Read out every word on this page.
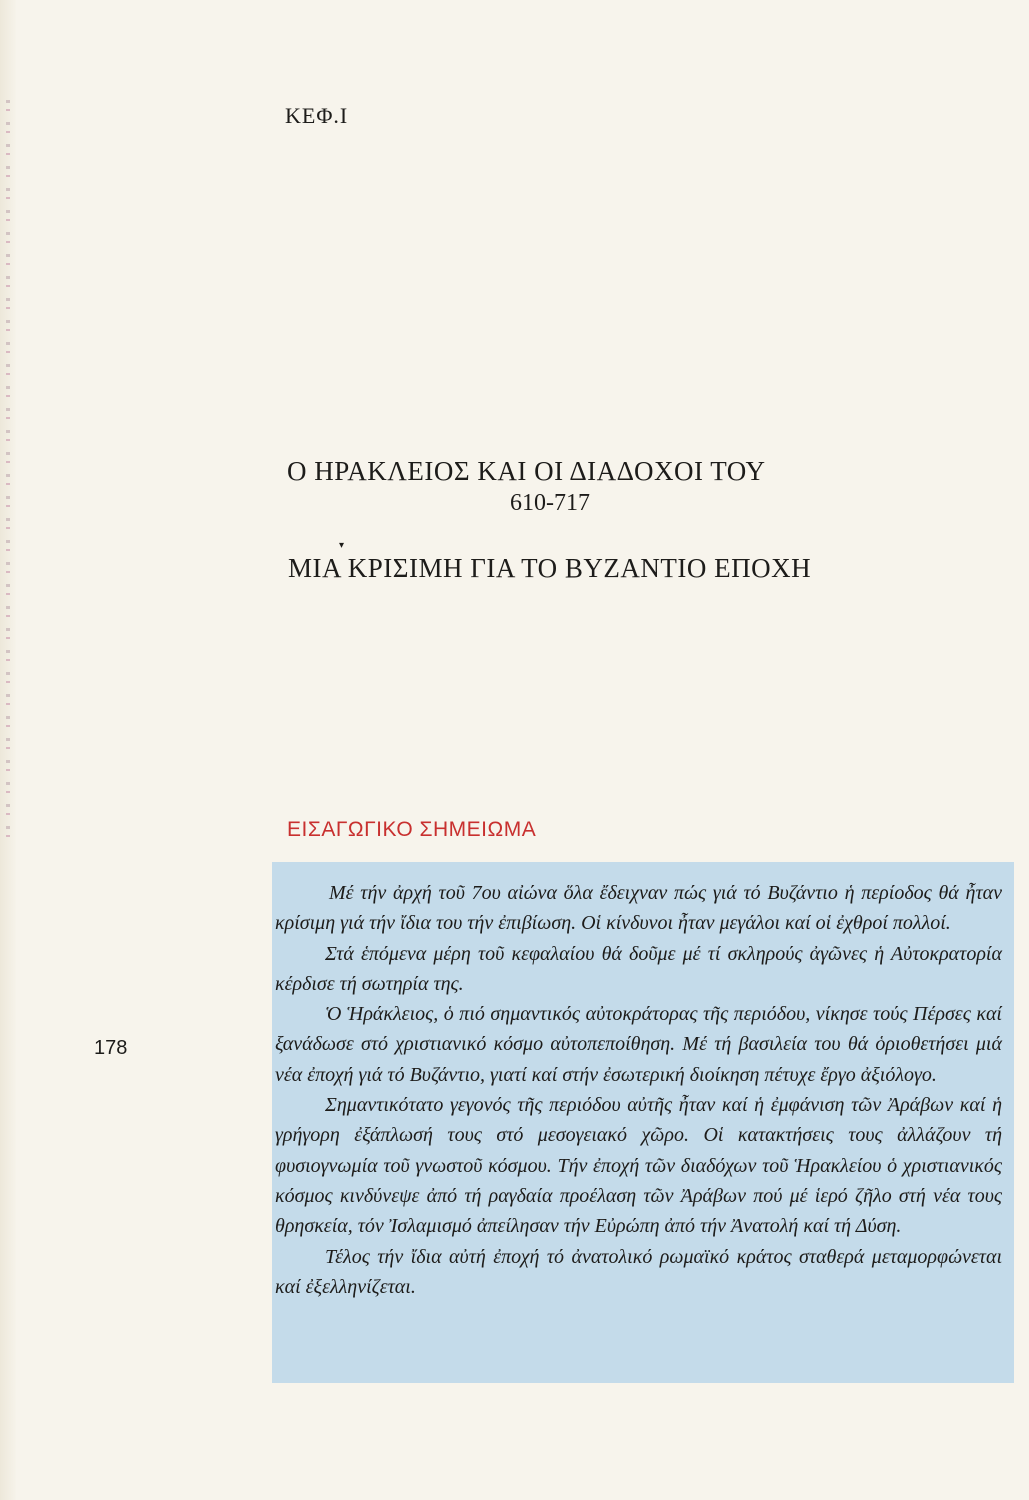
ΚΕΦ.Ι
Ο ΗΡΑΚΛΕΙΟΣ ΚΑΙ ΟΙ ΔΙΑΔΟΧΟΙ ΤΟΥ
610-717
▾
ΜΙΑ ΚΡΙΣΙΜΗ ΓΙΑ ΤΟ ΒΥΖΑΝΤΙΟ ΕΠΟΧΗ
ΕΙΣΑΓΩΓΙΚΟ ΣΗΜΕΙΩΜΑ

Μέ τήν ἀρχή τοῦ 7ου αἰώνα ὅλα ἔδειχναν πώς γιά τό Βυζάντιο ἡ περίοδος θά ἦταν κρίσιμη γιά τήν ἴδια του τήν ἐπιβίωση. Οἱ κίνδυνοι ἦταν μεγάλοι καί οἱ ἐχθροί πολλοί.

Στά ἑπόμενα μέρη τοῦ κεφαλαίου θά δοῦμε μέ τί σκληρούς ἀγῶνες ἡ Αὐτοκρατορία κέρδισε τή σωτηρία της.

Ὁ Ἡράκλειος, ὁ πιό σημαντικός αὐτοκράτορας τῆς περιόδου, νίκησε τούς Πέρσες καί ξανάδωσε στό χριστιανικό κόσμο αὐτοπεποίθηση. Μέ τή βασιλεία του θά ὁριοθετήσει μιά νέα ἐποχή γιά τό Βυζάντιο, γιατί καί στήν ἐσωτερική διοίκηση πέτυχε ἔργο ἀξιόλογο.

Σημαντικότατο γεγονός τῆς περιόδου αὐτῆς ἦταν καί ἡ ἐμφάνιση τῶν Ἀράβων καί ἡ γρήγορη ἐξάπλωσή τους στό μεσογειακό χῶρο. Οἱ κατακτήσεις τους ἀλλάζουν τή φυσιογνωμία τοῦ γνωστοῦ κόσμου. Τήν ἐποχή τῶν διαδόχων τοῦ Ἡρακλείου ὁ χριστιανικός κόσμος κινδύνεψε ἀπό τή ραγδαία προέλαση τῶν Ἀράβων πού μέ ἱερό ζῆλο στή νέα τους θρησκεία, τόν Ἰσλαμισμό ἀπείλησαν τήν Εὐρώπη ἀπό τήν Ἀνατολή καί τή Δύση.

Τέλος τήν ἴδια αὐτή ἐποχή τό ἀνατολικό ρωμαϊκό κράτος σταθερά μεταμορφώνεται καί ἐξελληνίζεται.

178
